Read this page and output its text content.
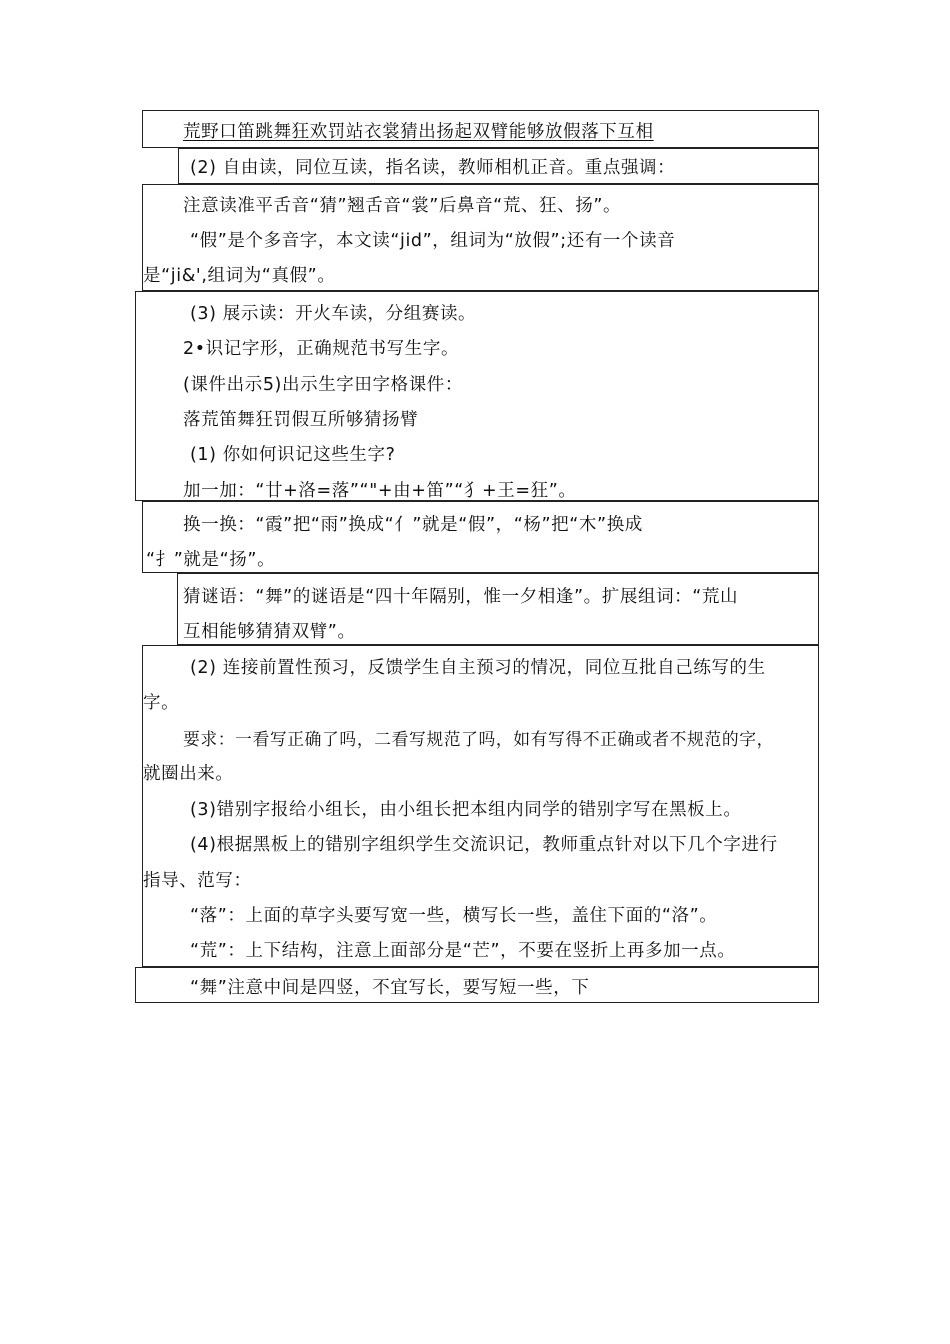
荒野口笛跳舞狂欢罚站衣裳猜出扬起双臂能够放假落下互相
(2) 自由读，同位互读，指名读，教师相机正音。重点强调：
注意读准平舌音“猜”翘舌音“裳”后鼻音“荒、狂、扬”。
“假”是个多音字，本文读“jid”，组词为“放假”;还有一个读音
是“ji&',组词为“真假”。
(3) 展示读：开火车读，分组赛读。
2•识记字形，正确规范书写生字。
(课件出示5)出示生字田字格课件：
落荒笛舞狂罚假互所够猜扬臂
(1) 你如何识记这些生字?
加一加：“廿+洛=落”“"+由+笛”“犭+王=狂”。
换一换：“霞”把“雨”换成“亻”就是“假”，“杨”把“木”换成
“扌”就是“扬”。
猜谜语：“舞”的谜语是“四十年隔别，惟一夕相逢”。扩展组词：“荒山
互相能够猜猜双臂”。
(2) 连接前置性预习，反馈学生自主预习的情况，同位互批自己练写的生
字。
要求：一看写正确了吗，二看写规范了吗，如有写得不正确或者不规范的字，
就圈出来。
(3)错别字报给小组长，由小组长把本组内同学的错别字写在黑板上。
(4)根据黑板上的错别字组织学生交流识记，教师重点针对以下几个字进行
指导、范写：
“落”：上面的草字头要写宽一些，横写长一些，盖住下面的“洛”。
“荒”：上下结构，注意上面部分是“芒”，不要在竖折上再多加一点。
“舞”注意中间是四竖，不宜写长，要写短一些，下
